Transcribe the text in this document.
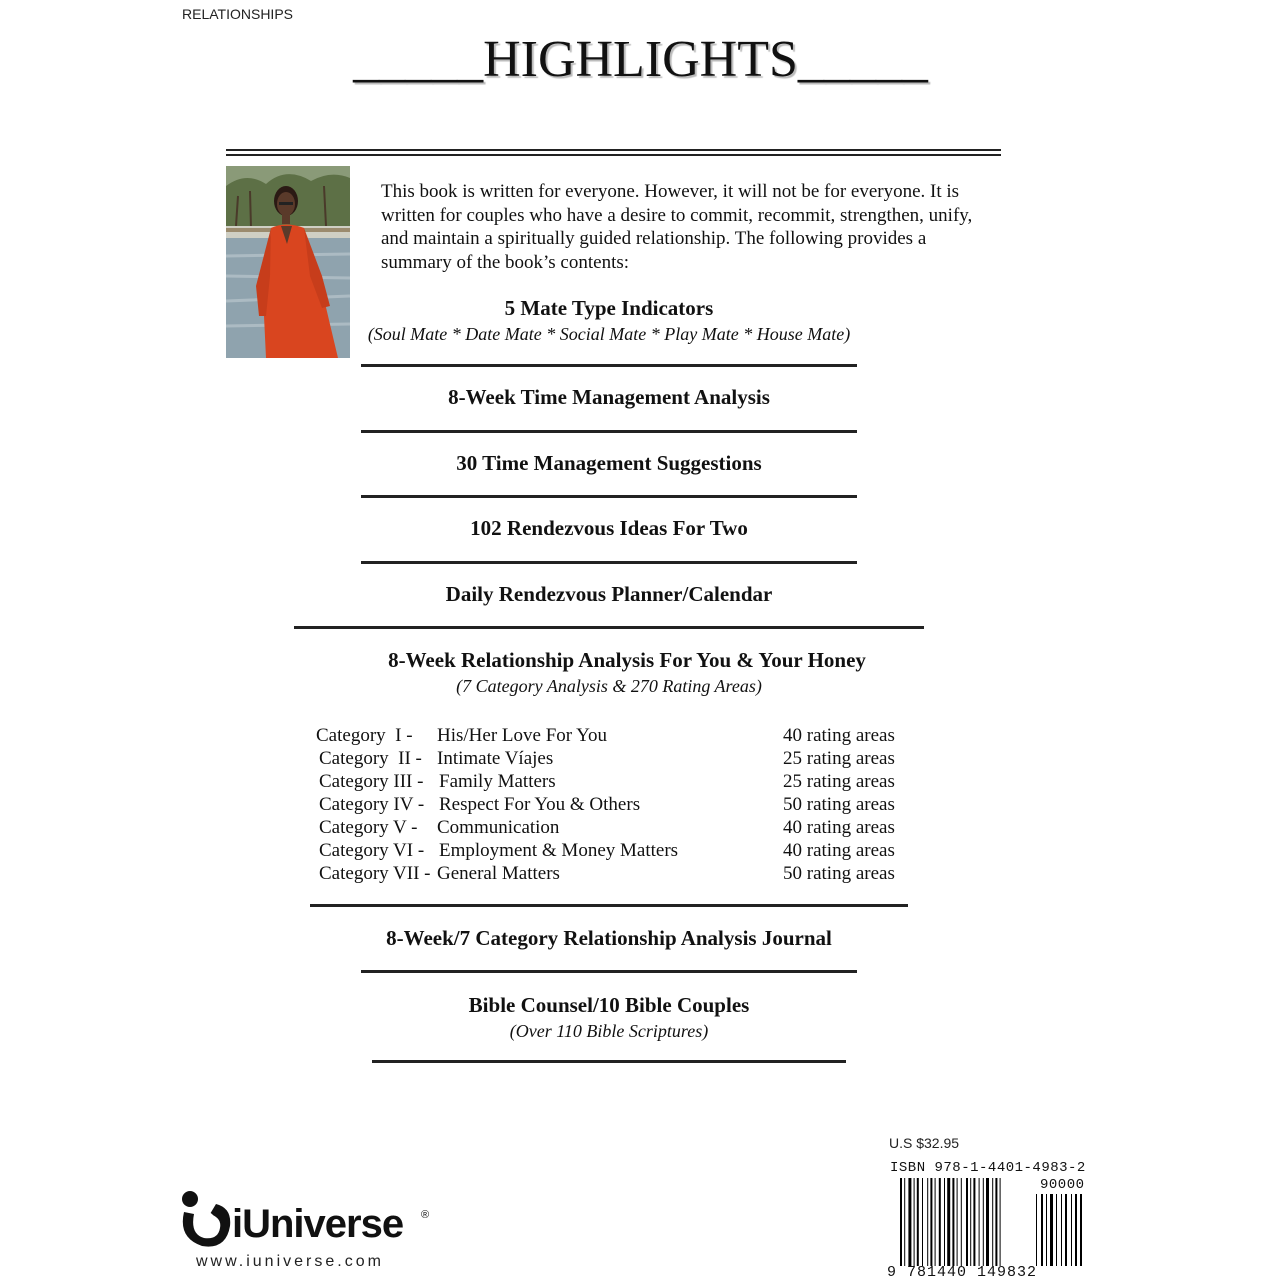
RELATIONSHIPS
_____HIGHLIGHTS_____
This book is written for everyone. However, it will not be for everyone. It is written for couples who have a desire to commit, recommit, strengthen, unify, and maintain a spiritually guided relationship. The following provides a summary of the book’s contents:
5 Mate Type Indicators
(Soul Mate * Date Mate * Social Mate * Play Mate * House Mate)
8-Week Time Management Analysis
30 Time Management Suggestions
102 Rendezvous Ideas For Two
Daily Rendezvous Planner/Calendar
8-Week Relationship Analysis For You & Your Honey
(7 Category Analysis & 270 Rating Areas)
Category  I - His/Her Love For You	40 rating areas
Category  II - Intimate Víajes	25 rating areas
Category III - Family Matters	25 rating areas
Category IV - Respect For You & Others	50 rating areas
Category V - Communication	40 rating areas
Category VI - Employment & Money Matters	40 rating areas
Category VII - General Matters	50 rating areas
8-Week/7 Category Relationship Analysis Journal
Bible Counsel/10 Bible Couples
(Over 110 Bible Scriptures)
iUniverse ®
www.iuniverse.com
U.S $32.95
ISBN 978-1-4401-4983-2
90000
9 781440 149832
